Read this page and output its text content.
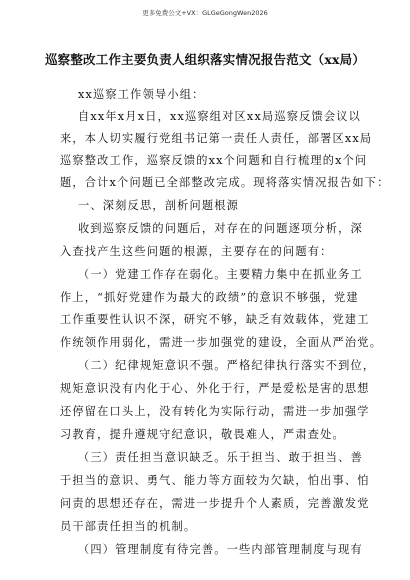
更多免费公文+VX：GLGeGongWen2026
巡察整改工作主要负责人组织落实情况报告范文（xx局）
xx巡察工作领导小组：
自xx年x月x日，xx巡察组对区xx局巡察反馈会议以
来，本人切实履行党组书记第一责任人责任，部署区xx局
巡察整改工作，巡察反馈的xx个问题和自行梳理的x个问
题，合计x个问题已全部整改完成。现将落实情况报告如下：
一、深刻反思，剖析问题根源
收到巡察反馈的问题后，对存在的问题逐项分析，深
入查找产生这些问题的根源，主要存在的问题有：
（一）党建工作存在弱化。主要精力集中在抓业务工
作上，“抓好党建作为最大的政绩”的意识不够强，党建
工作重要性认识不深，研究不够，缺乏有效载体，党建工
作统领作用弱化，需进一步加强党的建设，全面从严治党。
（二）纪律规矩意识不强。严格纪律执行落实不到位，
规矩意识没有内化于心、外化于行，严是爱松是害的思想
还停留在口头上，没有转化为实际行动，需进一步加强学
习教育，提升遵规守纪意识，敬畏难人，严肃查处。
（三）责任担当意识缺乏。乐于担当、敢于担当、善
于担当的意识、勇气、能力等方面较为欠缺，怕出事、怕
问责的思想还存在，需进一步提升个人素质，完善激发党
员干部责任担当的机制。
（四）管理制度有待完善。一些内部管理制度与现有
